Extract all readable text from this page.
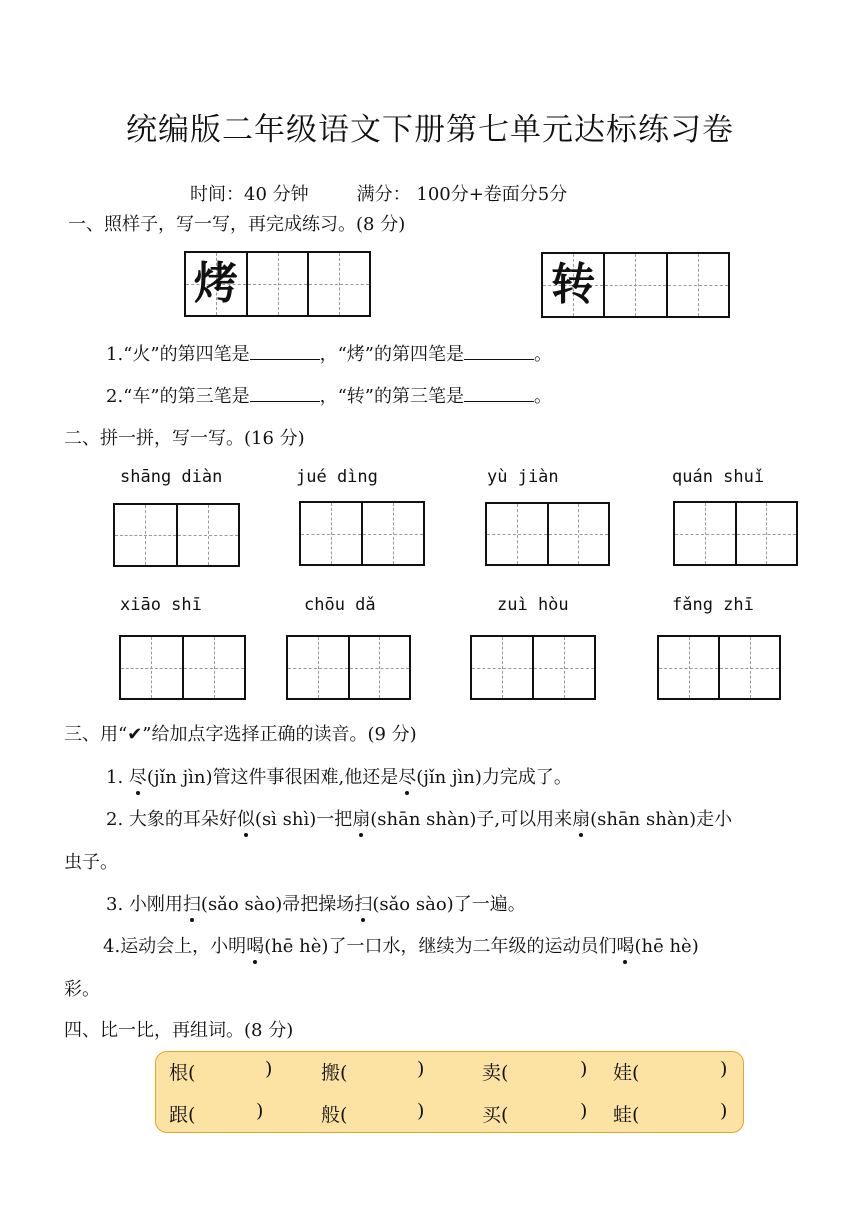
统编版二年级语文下册第七单元达标练习卷
时间：40 分钟	满分： 100分+卷面分5分
一、照样子，写一写，再完成练习。(8 分)
烤	转
1.“火”的第四笔是	，“烤”的第四笔是	。
2.“车”的第三笔是	，“转”的第三笔是	。
二、拼一拼，写一写。(16 分)
shāng diàn	jué dìng	yù jiàn	quán shuǐ
xiāo shī	chōu dǎ	zuì hòu	fǎng zhī
三、用“✔”给加点字选择正确的读音。(9 分)
1. 尽(jǐn jìn)管这件事很困难,他还是尽(jǐn jìn)力完成了。
2. 大象的耳朵好似(sì shì)一把扇(shān shàn)子,可以用来扇(shān shàn)走小
虫子。
3. 小刚用扫(sǎo sào)帚把操场扫(sǎo sào)了一遍。
4.运动会上，小明喝(hē hè)了一口水，继续为二年级的运动员们喝(hē hè)
彩。
四、比一比，再组词。(8 分)
根(	)	搬(	)	卖(	) 娃(	)
跟(	)	般(	)	买(	) 蛙(	)
